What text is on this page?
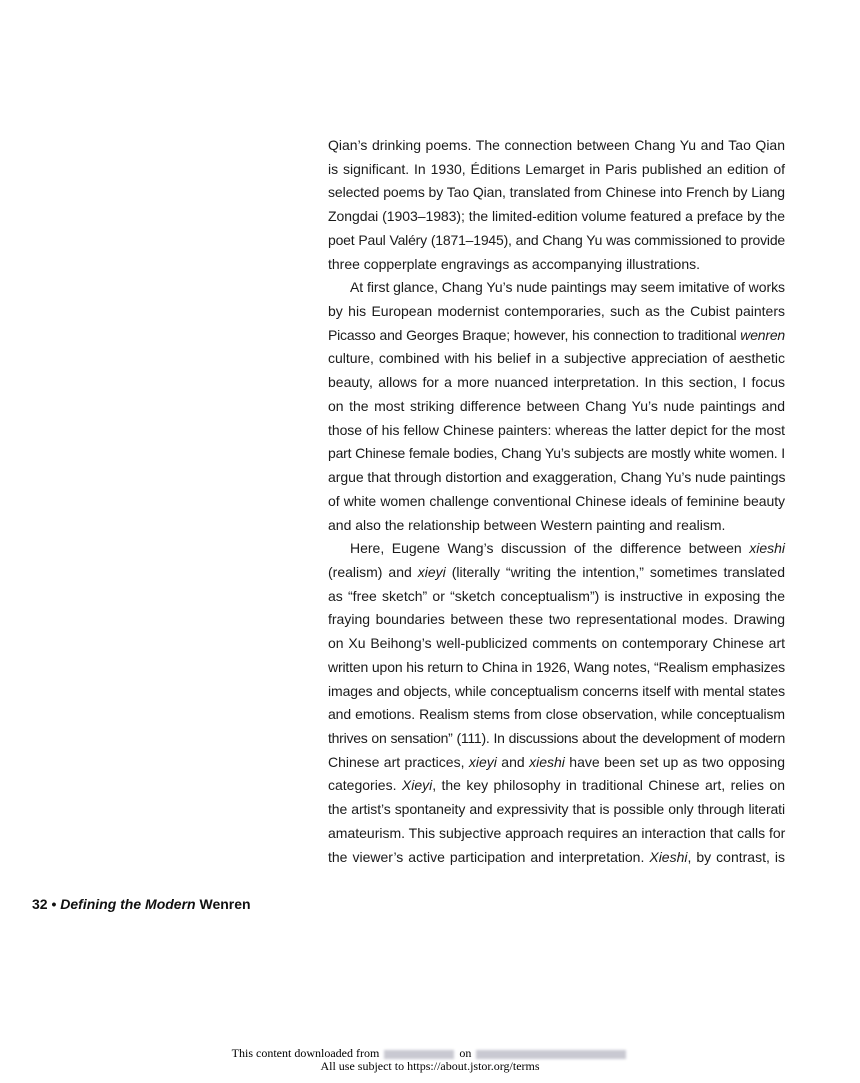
Qian’s drinking poems. The connection between Chang Yu and Tao Qian
is significant. In 1930, Éditions Lemarget in Paris published an edition of
selected poems by Tao Qian, translated from Chinese into French by Liang
Zongdai (1903–1983); the limited-edition volume featured a preface by the
poet Paul Valéry (1871–1945), and Chang Yu was commissioned to provide
three copperplate engravings as accompanying illustrations.
At first glance, Chang Yu’s nude paintings may seem imitative of works
by his European modernist contemporaries, such as the Cubist painters
Picasso and Georges Braque; however, his connection to traditional wenren
culture, combined with his belief in a subjective appreciation of aesthetic
beauty, allows for a more nuanced interpretation. In this section, I focus
on the most striking difference between Chang Yu’s nude paintings and
those of his fellow Chinese painters: whereas the latter depict for the most
part Chinese female bodies, Chang Yu’s subjects are mostly white women. I
argue that through distortion and exaggeration, Chang Yu’s nude paintings
of white women challenge conventional Chinese ideals of feminine beauty
and also the relationship between Western painting and realism.
Here, Eugene Wang’s discussion of the difference between xieshi
(realism) and xieyi (literally “writing the intention,” sometimes translated
as “free sketch” or “sketch conceptualism”) is instructive in exposing the
fraying boundaries between these two representational modes. Drawing
on Xu Beihong’s well-publicized comments on contemporary Chinese art
written upon his return to China in 1926, Wang notes, “Realism emphasizes
images and objects, while conceptualism concerns itself with mental states
and emotions. Realism stems from close observation, while conceptualism
thrives on sensation” (111). In discussions about the development of modern
Chinese art practices, xieyi and xieshi have been set up as two opposing
categories. Xieyi, the key philosophy in traditional Chinese art, relies on
the artist’s spontaneity and expressivity that is possible only through literati
amateurism. This subjective approach requires an interaction that calls for
the viewer’s active participation and interpretation. Xieshi, by contrast, is
32 • Defining the Modern Wenren
This content downloaded from	on
All use subject to https://about.jstor.org/terms
